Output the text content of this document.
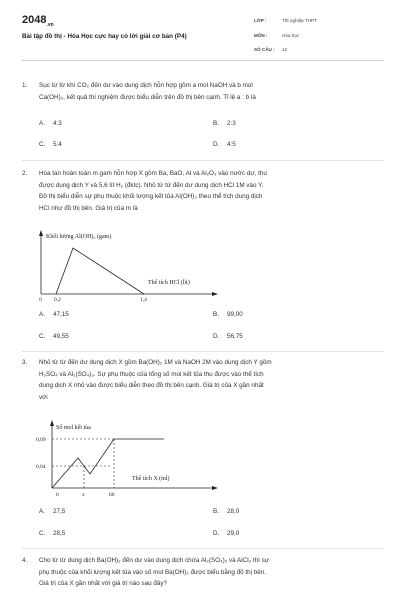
$2048_{.vn}$
Bài tập đồ thị - Hóa Học cực hay có lời giải cơ bản (P4)
LỚP :	Tốt nghiệp THPT
MÔN :	Hóa học
SỐ CÂU : 12
1. Sục từ từ khí CO₂ đến dư vào dung dịch hỗn hợp gồm a mol NaOH và b mol
Ca(OH)₂, kết quả thí nghiệm được biểu diễn trên đồ thị bên cạnh. Tỉ lệ a : b là
A. 4:3	B. 2:3
C. 5:4	D. 4:5
2. Hòa tan hoàn toàn m gam hỗn hợp X gồm Ba, BaO, Al và Al₂O₃ vào nước dư, thu
được dung dịch Y và 5,6 lít H₂ (đktc). Nhỏ từ từ đến dư dung dịch HCl 1M vào Y.
Đồ thị biểu diễn sự phụ thuộc khối lượng kết tủa Al(OH)₃ theo thể tích dung dịch
HCl như đồ thị bên. Giá trị của m là
Khối lượng Al(OH)₃ (gam)
Thể tích HCl (lít)
0 0,2	1,4
A. 47,15	B. 99,00
C. 49,55	D. 56,75
3. Nhỏ từ từ đến dư dung dịch X gồm Ba(OH)₂ 1M và NaOH 2M vào dung dịch Y gồm
H₂SO₄ và Al₂(SO₄)₃. Sự phụ thuộc của tổng số mol kết tủa thu được vào thể tích
dung dịch X nhỏ vào được biểu diễn theo đồ thị bên cạnh. Giá trị của X gần nhất
với
Số mol kết tủa
Thể tích X (ml)
0,09
0,04
0	x	60
A. 27,5	B. 28,0
C. 28,5	D. 29,0
4. Cho từ từ dung dịch Ba(OH)₂ đến dư vào dung dịch chứa Al₂(SO₄)₃ và AlCl₃ thì sự
phụ thuộc của khối lượng kết tủa vào số mol Ba(OH)₂ được biểu bằng đồ thị bên.
Giá trị của X gần nhất với giá trị nào sau đây?
